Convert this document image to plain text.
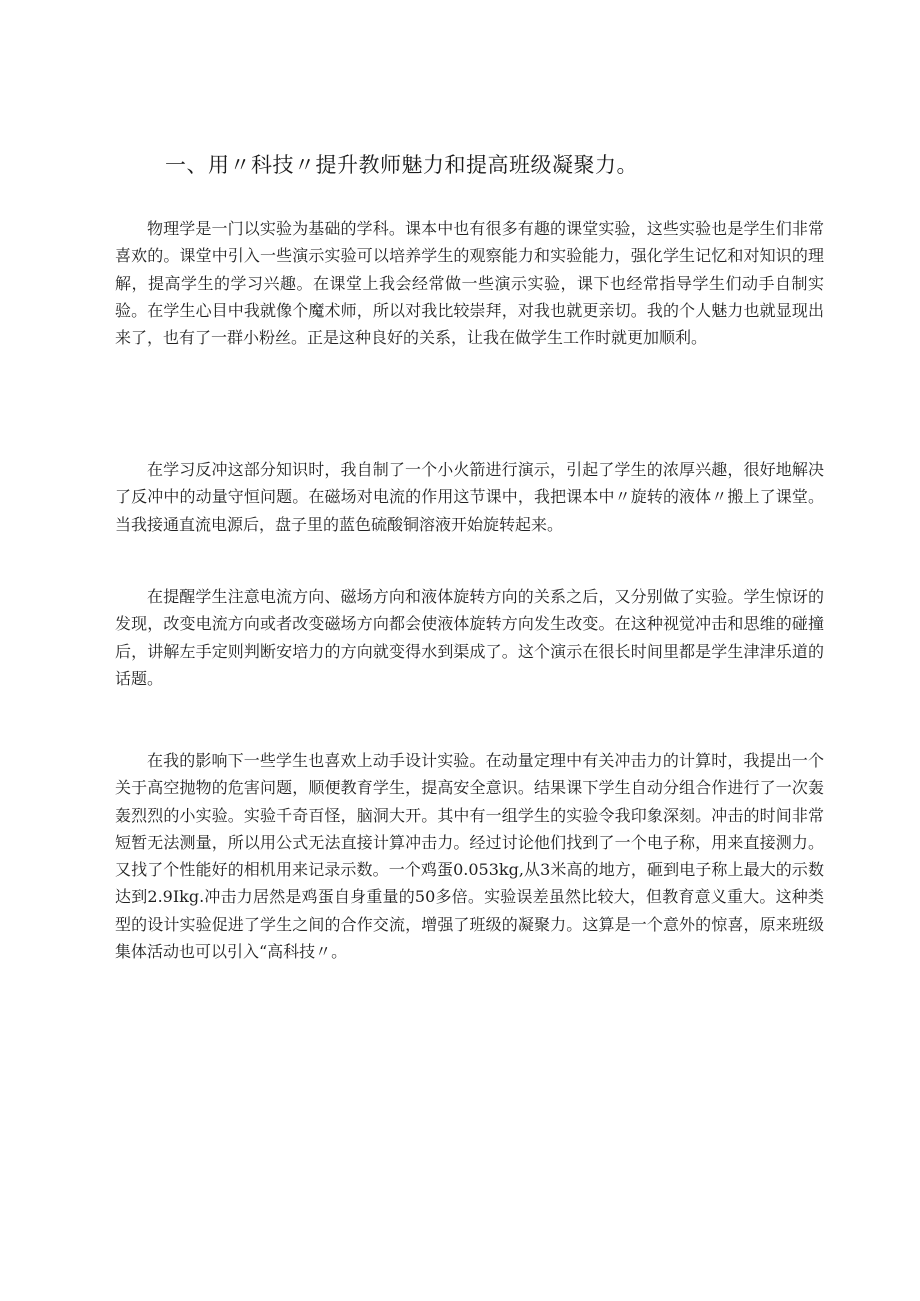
一、用〃科技〃提升教师魅力和提高班级凝聚力。

物理学是一门以实验为基础的学科。课本中也有很多有趣的课堂实验，这些实验也是学生们非常喜欢的。课堂中引入一些演示实验可以培养学生的观察能力和实验能力，强化学生记忆和对知识的理解，提高学生的学习兴趣。在课堂上我会经常做一些演示实验，课下也经常指导学生们动手自制实验。在学生心目中我就像个魔术师，所以对我比较崇拜，对我也就更亲切。我的个人魅力也就显现出来了，也有了一群小粉丝。正是这种良好的关系，让我在做学生工作时就更加顺利。

在学习反冲这部分知识时，我自制了一个小火箭进行演示，引起了学生的浓厚兴趣，很好地解决了反冲中的动量守恒问题。在磁场对电流的作用这节课中，我把课本中〃旋转的液体〃搬上了课堂。当我接通直流电源后，盘子里的蓝色硫酸铜溶液开始旋转起来。

在提醒学生注意电流方向、磁场方向和液体旋转方向的关系之后，又分别做了实验。学生惊讶的发现，改变电流方向或者改变磁场方向都会使液体旋转方向发生改变。在这种视觉冲击和思维的碰撞后，讲解左手定则判断安培力的方向就变得水到渠成了。这个演示在很长时间里都是学生津津乐道的话题。

在我的影响下一些学生也喜欢上动手设计实验。在动量定理中有关冲击力的计算时，我提出一个关于高空抛物的危害问题，顺便教育学生，提高安全意识。结果课下学生自动分组合作进行了一次轰轰烈烈的小实验。实验千奇百怪，脑洞大开。其中有一组学生的实验令我印象深刻。冲击的时间非常短暂无法测量，所以用公式无法直接计算冲击力。经过讨论他们找到了一个电子称，用来直接测力。又找了个性能好的相机用来记录示数。一个鸡蛋0.053kg,从3米高的地方，砸到电子称上最大的示数达到2.9Ikg.冲击力居然是鸡蛋自身重量的50多倍。实验误差虽然比较大，但教育意义重大。这种类型的设计实验促进了学生之间的合作交流，增强了班级的凝聚力。这算是一个意外的惊喜，原来班级集体活动也可以引入“高科技〃。
